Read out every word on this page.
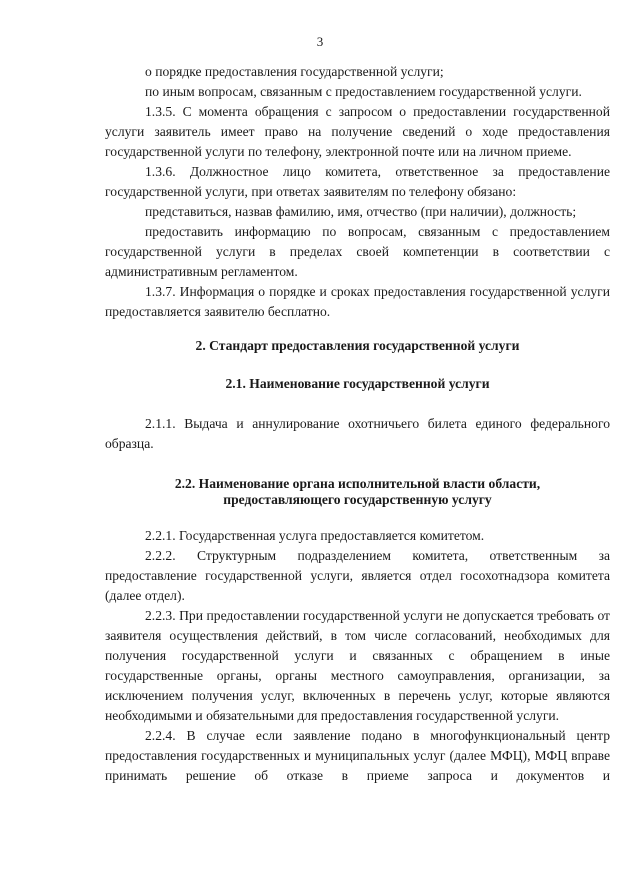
3

о порядке предоставления государственной услуги;

по иным вопросам, связанным с предоставлением государственной услуги.

1.3.5. С момента обращения с запросом о предоставлении государственной услуги заявитель имеет право на получение сведений о ходе предоставления государственной услуги по телефону, электронной почте или на личном приеме.

1.3.6. Должностное лицо комитета, ответственное за предоставление государственной услуги, при ответах заявителям по телефону обязано:

представиться, назвав фамилию, имя, отчество (при наличии), должность;

предоставить информацию по вопросам, связанным с предоставлением государственной услуги в пределах своей компетенции в соответствии с административным регламентом.

1.3.7. Информация о порядке и сроках предоставления государственной услуги предоставляется заявителю бесплатно.

2. Стандарт предоставления государственной услуги

2.1. Наименование государственной услуги

2.1.1. Выдача и аннулирование охотничьего билета единого федерального образца.

2.2. Наименование органа исполнительной власти области,
предоставляющего государственную услугу

2.2.1. Государственная услуга предоставляется комитетом.

2.2.2. Структурным подразделением комитета, ответственным за предоставление государственной услуги, является отдел госохотнадзора комитета (далее отдел).

2.2.3. При предоставлении государственной услуги не допускается требовать от заявителя осуществления действий, в том числе согласований, необходимых для получения государственной услуги и связанных с обращением в иные государственные органы, органы местного самоуправления, организации, за исключением получения услуг, включенных в перечень услуг, которые являются необходимыми и обязательными для предоставления государственной услуги.

2.2.4. В случае если заявление подано в многофункциональный центр предоставления государственных и муниципальных услуг (далее МФЦ), МФЦ вправе принимать решение об отказе в приеме запроса и документов и
